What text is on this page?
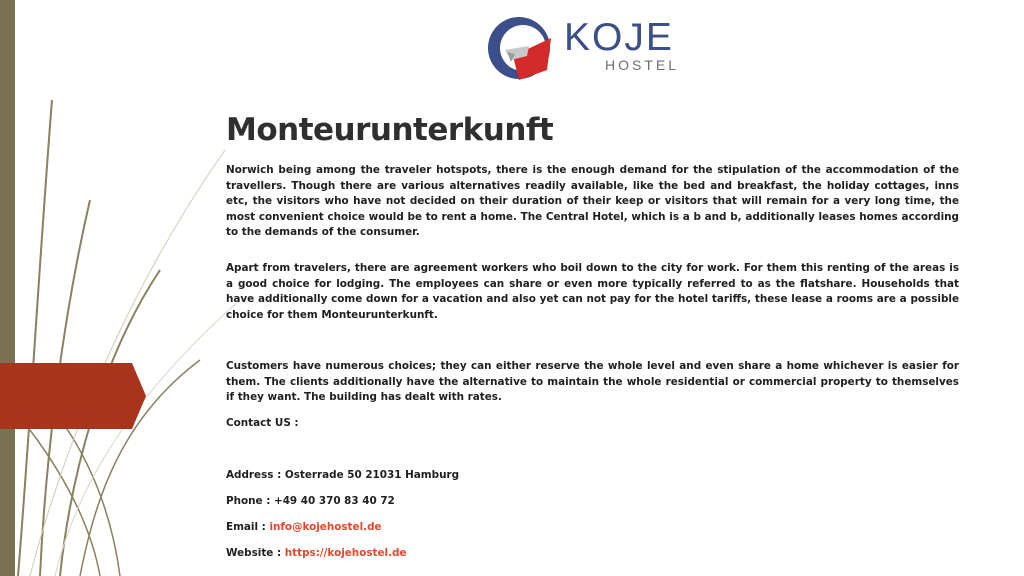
KOJE
HOSTEL
Monteurunterkunft

Norwich being among the traveler hotspots, there is the enough demand for the stipulation of the accommodation of the travellers. Though there are various alternatives readily available, like the bed and breakfast, the holiday cottages, inns etc, the visitors who have not decided on their duration of their keep or visitors that will remain for a very long time, the most convenient choice would be to rent a home. The Central Hotel, which is a b and b, additionally leases homes according to the demands of the consumer.

Apart from travelers, there are agreement workers who boil down to the city for work. For them this renting of the areas is a good choice for lodging. The employees can share or even more typically referred to as the flatshare. Households that have additionally come down for a vacation and also yet can not pay for the hotel tariffs, these lease a rooms are a possible choice for them Monteurunterkunft.

Customers have numerous choices; they can either reserve the whole level and even share a home whichever is easier for them. The clients additionally have the alternative to maintain the whole residential or commercial property to themselves if they want. The building has dealt with rates.

Contact US :
Address : Osterrade 50 21031 Hamburg
Phone : +49 40 370 83 40 72
Email : info@kojehostel.de
Website : https://kojehostel.de
